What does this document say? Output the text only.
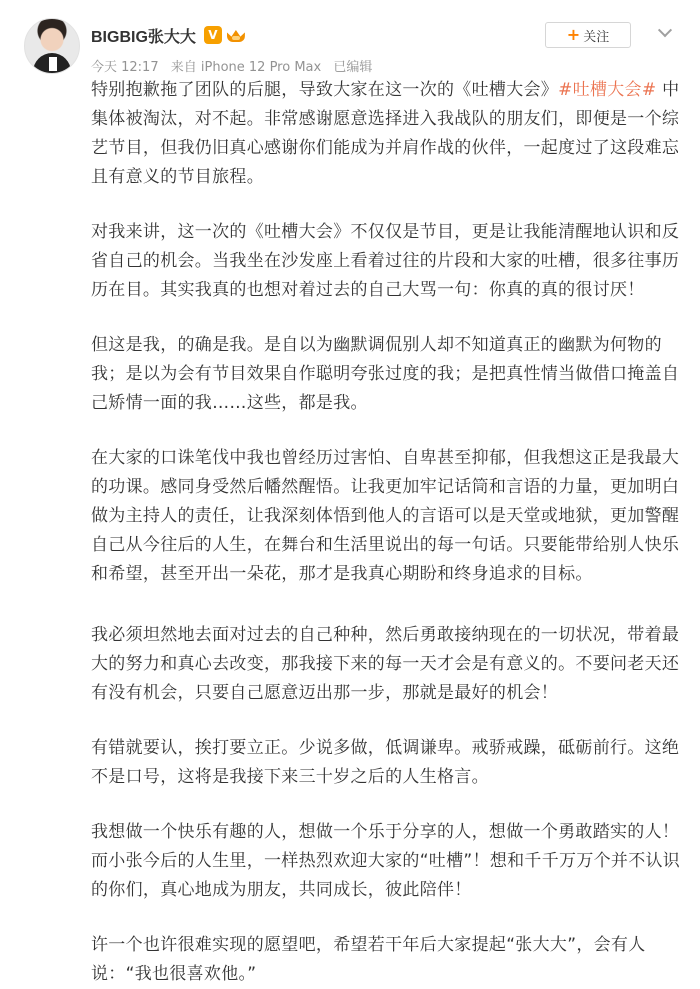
BIGBIG张大大	V	+ 关注
今天 12:17 来自 iPhone 12 Pro Max 已编辑

特别抱歉拖了团队的后腿，导致大家在这一次的《吐槽大会》#吐槽大会# 中集体被淘汰，对不起。非常感谢愿意选择进入我战队的朋友们，即便是一个综艺节目，但我仍旧真心感谢你们能成为并肩作战的伙伴，一起度过了这段难忘且有意义的节目旅程。

对我来讲，这一次的《吐槽大会》不仅仅是节目，更是让我能清醒地认识和反省自己的机会。当我坐在沙发座上看着过往的片段和大家的吐槽，很多往事历历在目。其实我真的也想对着过去的自己大骂一句：你真的真的很讨厌！

但这是我，的确是我。是自以为幽默调侃别人却不知道真正的幽默为何物的我；是以为会有节目效果自作聪明夸张过度的我；是把真性情当做借口掩盖自己矫情一面的我……这些，都是我。

在大家的口诛笔伐中我也曾经历过害怕、自卑甚至抑郁，但我想这正是我最大的功课。感同身受然后幡然醒悟。让我更加牢记话筒和言语的力量，更加明白做为主持人的责任，让我深刻体悟到他人的言语可以是天堂或地狱，更加警醒自己从今往后的人生，在舞台和生活里说出的每一句话。只要能带给别人快乐和希望，甚至开出一朵花，那才是我真心期盼和终身追求的目标。

我必须坦然地去面对过去的自己种种，然后勇敢接纳现在的一切状况，带着最大的努力和真心去改变，那我接下来的每一天才会是有意义的。不要问老天还有没有机会，只要自己愿意迈出那一步，那就是最好的机会！

有错就要认，挨打要立正。少说多做，低调谦卑。戒骄戒躁，砥砺前行。这绝不是口号，这将是我接下来三十岁之后的人生格言。

我想做一个快乐有趣的人，想做一个乐于分享的人，想做一个勇敢踏实的人！而小张今后的人生里，一样热烈欢迎大家的“吐槽”！想和千千万万个并不认识的你们，真心地成为朋友，共同成长，彼此陪伴！

许一个也许很难实现的愿望吧，希望若干年后大家提起“张大大”，会有人说：“我也很喜欢他。”
